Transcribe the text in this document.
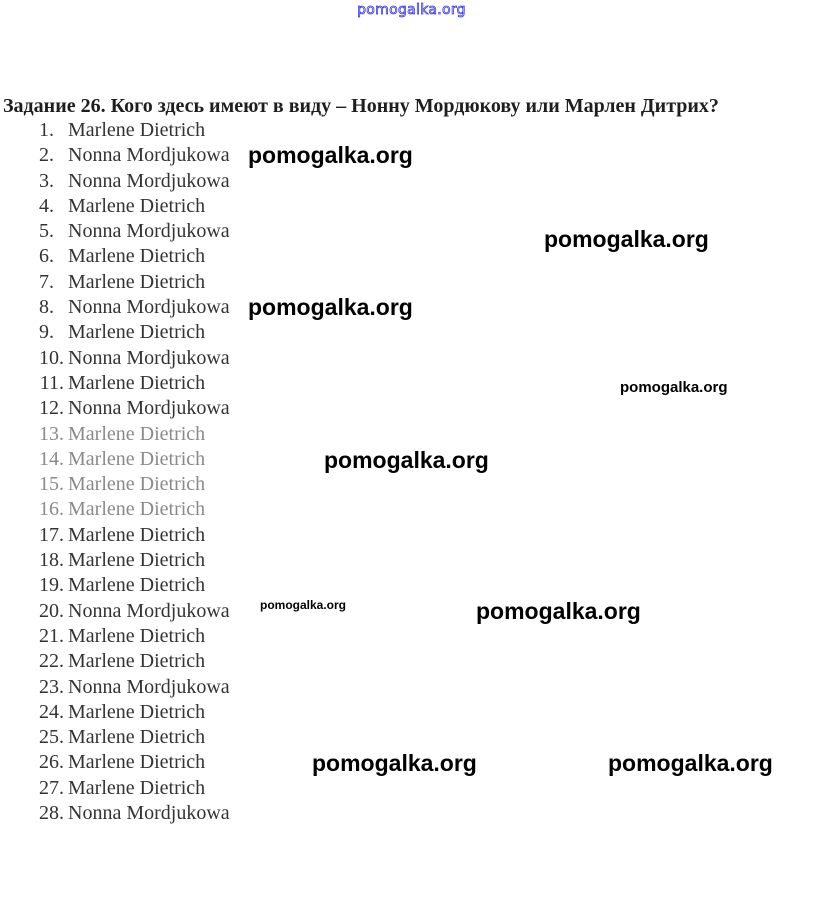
pomogalka.org
Задание 26. Кого здесь имеют в виду – Нонну Мордюкову или Марлен Дитрих?
1. Marlene Dietrich
2. Nonna Mordjukowa
3. Nonna Mordjukowa
4. Marlene Dietrich
5. Nonna Mordjukowa
6. Marlene Dietrich
7. Marlene Dietrich
8. Nonna Mordjukowa
9. Marlene Dietrich
10. Nonna Mordjukowa
11. Marlene Dietrich
12. Nonna Mordjukowa
13. Marlene Dietrich
14. Marlene Dietrich
15. Marlene Dietrich
16. Marlene Dietrich
17. Marlene Dietrich
18. Marlene Dietrich
19. Marlene Dietrich
20. Nonna Mordjukowa
21. Marlene Dietrich
22. Marlene Dietrich
23. Nonna Mordjukowa
24. Marlene Dietrich
25. Marlene Dietrich
26. Marlene Dietrich
27. Marlene Dietrich
28. Nonna Mordjukowa
pomogalka.org
pomogalka.org
pomogalka.org
pomogalka.org
pomogalka.org
pomogalka.org	pomogalka.org
pomogalka.org	pomogalka.org
